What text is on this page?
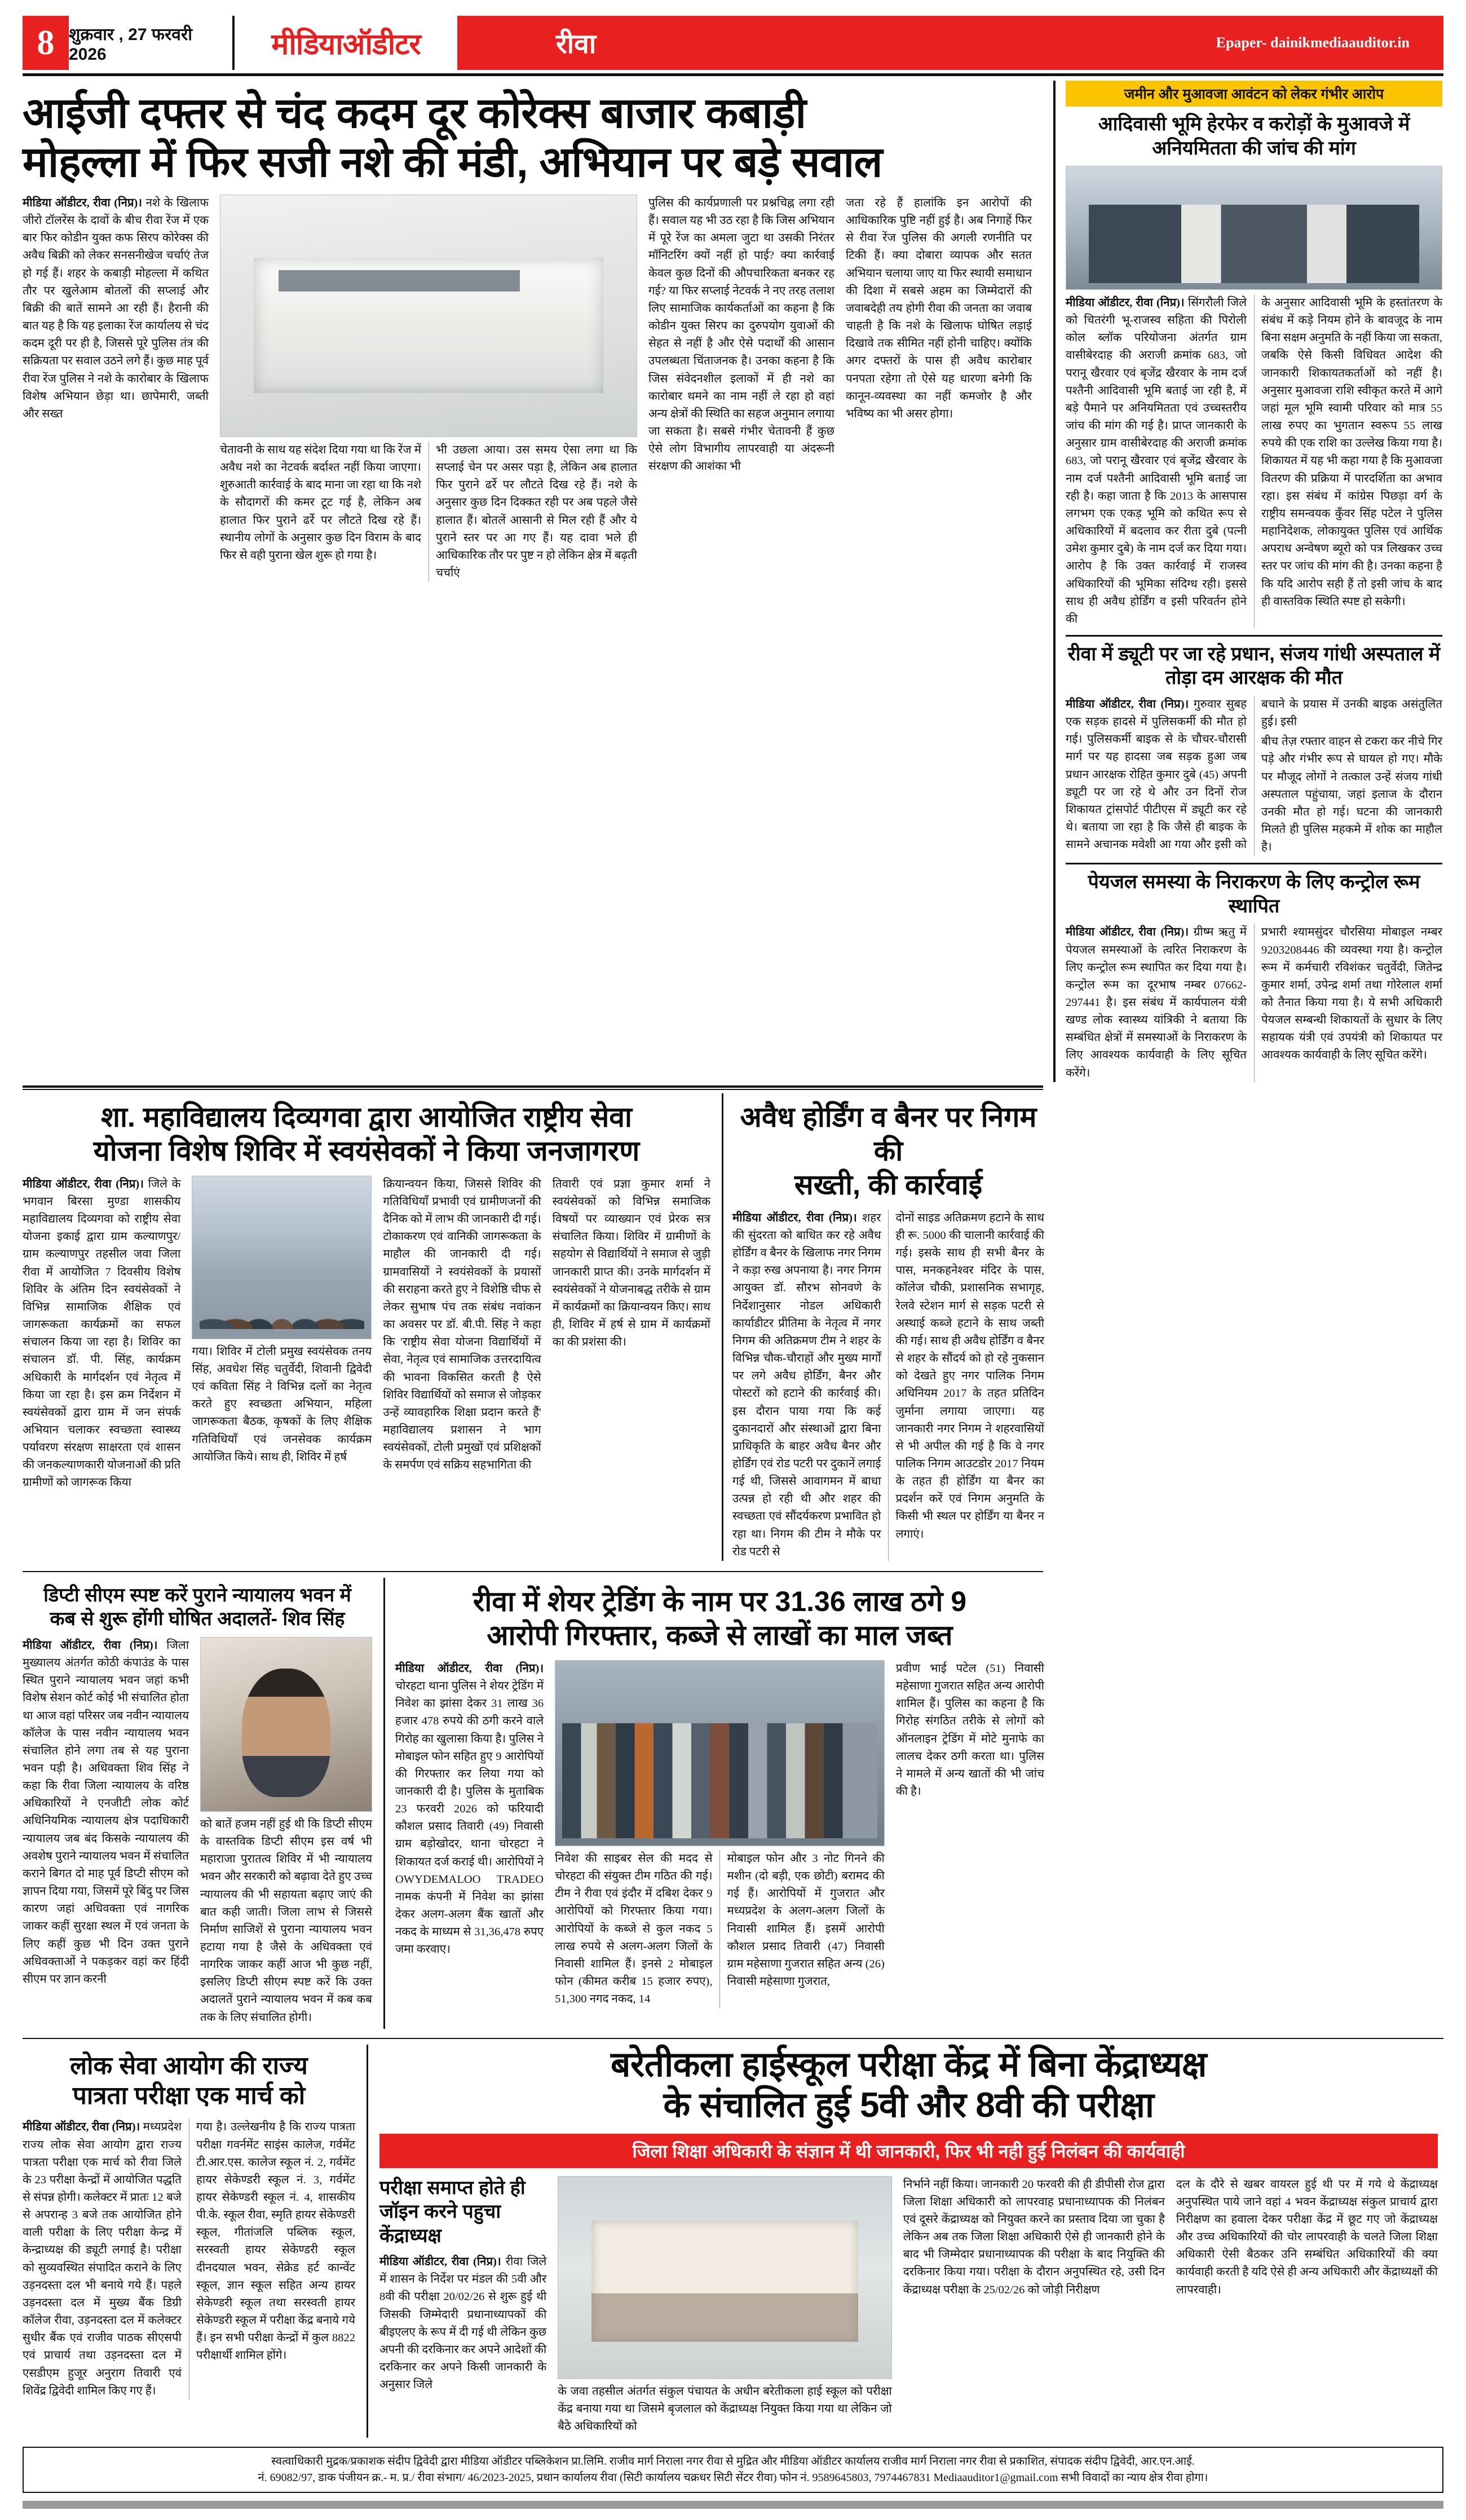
8 शुक्रवार , 27 फरवरी 2026	मीडियाऑडीटर	रीवा	Epaper- dainikmediaauditor.in
आईजी दफ्तर से चंद कदम दूर कोरेक्स बाजार कबाड़ी
मोहल्ला में फिर सजी नशे की मंडी, अभियान पर बड़े सवाल

मीडिया ऑडीटर, रीवा (निप्र)। नशे के खिलाफ जीरो टॉलरेंस के दावों के बीच रीवा रेंज में एक बार फिर कोडीन युक्त कफ सिरप कोरेक्स की अवैध बिक्री को लेकर सनसनीखेज चर्चाएं तेज हो गई हैं। शहर के कबाड़ी मोहल्ला में कथित तौर पर खुलेआम बोतलों की सप्लाई और बिक्री की बातें सामने आ रही हैं। हैरानी की बात यह है कि यह इलाका रेंज कार्यालय से चंद कदम दूरी पर ही है, जिससे पूरे पुलिस तंत्र की सक्रियता पर सवाल उठने लगे हैं। कुछ माह पूर्व रीवा रेंज पुलिस ने नशे के कारोबार के खिलाफ विशेष अभियान छेड़ा था। छापेमारी, जब्ती और सख्त

चेतावनी के साथ यह संदेश दिया गया था कि रेंज में अवैध नशे का नेटवर्क बर्दाश्त नहीं किया जाएगा। शुरुआती कार्रवाई के बाद माना जा रहा था कि नशे के सौदागरों की कमर टूट गई है, लेकिन अब हालात फिर पुराने ढर्रे पर लौटते दिख रहे हैं। स्थानीय लोगों के अनुसार कुछ दिन विराम के बाद फिर से वही पुराना खेल शुरू हो गया है।

भी उछला आया। उस समय ऐसा लगा था कि सप्लाई चेन पर असर पड़ा है, लेकिन अब हालात फिर पुराने ढर्रे पर लौटते दिख रहे हैं। नशे के अनुसार कुछ दिन दिक्कत रही पर अब पहले जैसे हालात हैं। बोतलें आसानी से मिल रही हैं और ये पुराने स्तर पर आ गए हैं। यह दावा भले ही आधिकारिक तौर पर पुष्ट न हो लेकिन क्षेत्र में बढ़ती चर्चाएं

पुलिस की कार्यप्रणाली पर प्रश्नचिह्न लगा रही हैं। सवाल यह भी उठ रहा है कि जिस अभियान में पूरे रेंज का अमला जुटा था उसकी निरंतर मॉनिटरिंग क्यों नहीं हो पाई? क्या कार्रवाई केवल कुछ दिनों की औपचारिकता बनकर रह गई? या फिर सप्लाई नेटवर्क ने नए तरह तलाश लिए सामाजिक कार्यकर्ताओं का कहना है कि कोडीन युक्त सिरप का दुरुपयोग युवाओं की सेहत से नहीं है और ऐसे पदार्थों की आसान उपलब्धता चिंताजनक है। उनका कहना है कि जिस संवेदनशील इलाकों में ही नशे का कारोबार थमने का नाम नहीं ले रहा हो वहां अन्य क्षेत्रों की स्थिति का सहज अनुमान लगाया जा सकता है। सबसे गंभीर चेतावनी हैं कुछ ऐसे लोग विभागीय लापरवाही या अंदरूनी संरक्षण की आशंका भी

जता रहे हैं हालांकि इन आरोपों की आधिकारिक पुष्टि नहीं हुई है। अब निगाहें फिर से रीवा रेंज पुलिस की अगली रणनीति पर टिकी हैं। क्या दोबारा व्यापक और सतत अभियान चलाया जाए या फिर स्थायी समाधान की दिशा में सबसे अहम का जिम्मेदारों की जवाबदेही तय होगी रीवा की जनता का जवाब चाहती है कि नशे के खिलाफ घोषित लड़ाई दिखावे तक सीमित नहीं होनी चाहिए। क्योंकि अगर दफ्तरों के पास ही अवैध कारोबार पनपता रहेगा तो ऐसे यह धारणा बनेगी कि कानून-व्यवस्था का नहीं कमजोर है और भविष्य का भी असर होगा।

जमीन और मुआवजा आवंटन को लेकर गंभीर आरोप
आदिवासी भूमि हेरफेर व करोड़ों के मुआवजे में अनियमितता की जांच की मांग

मीडिया ऑडीटर, रीवा (निप्र)। सिंगरौली जिले को चितरंगी भू-राजस्व सहिता की पिरोली कोल ब्लॉक परियोजना अंतर्गत ग्राम वासीबेरदाह की अराजी क्रमांक 683, जो परानू खैरवार एवं बृजेंद्र खैरवार के नाम दर्ज पश्तैनी आदिवासी भूमि बताई जा रही है, में बड़े पैमाने पर अनियमितता एवं उच्चस्तरीय जांच की मांग की गई है। प्राप्त जानकारी के अनुसार ग्राम वासीबेरदाह की अराजी क्रमांक 683, जो परानू खैरवार एवं बृजेंद्र खैरवार के नाम दर्ज पश्तैनी आदिवासी भूमि बताई जा रही है। कहा जाता है कि 2013 के आसपास लगभग एक एकड़ भूमि को कथित रूप से अधिकारियों में बदलाव कर रीता दुबे (पत्नी उमेश कुमार दुबे) के नाम दर्ज कर दिया गया। आरोप है कि उक्त कार्रवाई में राजस्व अधिकारियों की भूमिका संदिग्ध रही। इससे साथ ही अवैध होर्डिंग व इसी परिवर्तन होने की

के अनुसार आदिवासी भूमि के हस्तांतरण के संबंध में कड़े नियम होने के बावजूद के नाम बिना सक्षम अनुमति के नहीं किया जा सकता, जबकि ऐसे किसी विधिवत आदेश की जानकारी शिकायतकर्ताओं को नहीं है। अनुसार मुआवजा राशि स्वीकृत करते में आगे जहां मूल भूमि स्वामी परिवार को मात्र 55 लाख रुपए का भुगतान स्वरूप 55 लाख रुपये की एक राशि का उल्लेख किया गया है। शिकायत में यह भी कहा गया है कि मुआवजा वितरण की प्रक्रिया में पारदर्शिता का अभाव रहा। इस संबंध में कांग्रेस पिछड़ा वर्ग के राष्ट्रीय समन्वयक कुँवर सिंह पटेल ने पुलिस महानिदेशक, लोकायुक्त पुलिस एवं आर्थिक अपराध अन्वेषण ब्यूरो को पत्र लिखकर उच्च स्तर पर जांच की मांग की है। उनका कहना है कि यदि आरोप सही हैं तो इसी जांच के बाद ही वास्तविक स्थिति स्पष्ट हो सकेगी।

रीवा में ड्यूटी पर जा रहे प्रधान, संजय गांधी अस्पताल में तोड़ा दम आरक्षक की मौत

मीडिया ऑडीटर, रीवा (निप्र)। गुरुवार सुबह एक सड़क हादसे में पुलिसकर्मी की मौत हो गई। पुलिसकर्मी बाइक से के चौचर-चौरासी मार्ग पर यह हादसा जब सड़क हुआ जब प्रधान आरक्षक रोहित कुमार दुबे (45) अपनी ड्यूटी पर जा रहे थे और उन दिनों रोज शिकायत ट्रांसपोर्ट पीटीएस में ड्यूटी कर रहे थे। बताया जा रहा है कि जैसे ही बाइक के सामने अचानक मवेशी आ गया और इसी को बचाने के प्रयास में उनकी बाइक असंतुलित हुई। इसी

बीच तेज़ रफ्तार वाहन से टकरा कर नीचे गिर पड़े और गंभीर रूप से घायल हो गए। मौके पर मौजूद लोगों ने तत्काल उन्हें संजय गांधी अस्पताल पहुंचाया, जहां इलाज के दौरान उनकी मौत हो गई। घटना की जानकारी मिलते ही पुलिस महकमे में शोक का माहौल है।

पेयजल समस्या के निराकरण के लिए कन्ट्रोल रूम स्थापित

मीडिया ऑडीटर, रीवा (निप्र)। ग्रीष्म ऋतु में पेयजल समस्याओं के त्वरित निराकरण के लिए कन्ट्रोल रूम स्थापित कर दिया गया है। कन्ट्रोल रूम का दूरभाष नम्बर 07662-297441 है। इस संबंध में कार्यपालन यंत्री खण्ड लोक स्वास्थ्य यांत्रिकी ने बताया कि सम्बंधित क्षेत्रों में समस्याओं के निराकरण के लिए आवश्यक कार्यवाही के लिए सूचित करेंगे।

प्रभारी श्यामसुंदर चौरसिया मोबाइल नम्बर 9203208446 की व्यवस्था गया है। कन्ट्रोल रूम में कर्मचारी रविशंकर चतुर्वेदी, जितेन्द्र कुमार शर्मा, उपेन्द्र शर्मा तथा गोरेलाल शर्मा को तैनात किया गया है। ये सभी अधिकारी पेयजल सम्बन्धी शिकायतों के सुधार के लिए सहायक यंत्री एवं उपयंत्री को शिकायत पर आवश्यक कार्यवाही के लिए सूचित करेंगे।

शा. महाविद्यालय दिव्यगवा द्वारा आयोजित राष्ट्रीय सेवा
योजना विशेष शिविर में स्वयंसेवकों ने किया जनजागरण

मीडिया ऑडीटर, रीवा (निप्र)। जिले के भगवान बिरसा मुण्डा शासकीय महाविद्यालय दिव्यगवा को राष्ट्रीय सेवा योजना इकाई द्वारा ग्राम कल्याणपुर/ग्राम कल्याणपुर तहसील जवा जिला रीवा में आयोजित 7 दिवसीय विशेष शिविर के अंतिम दिन स्वयंसेवकों ने विभिन्न सामाजिक शैक्षिक एवं जागरूकता कार्यक्रमों का सफल संचालन किया जा रहा है। शिविर का संचालन डॉ. पी. सिंह, कार्यक्रम अधिकारी के मार्गदर्शन एवं नेतृत्व में किया जा रहा है। इस क्रम निर्देशन में स्वयंसेवकों द्वारा ग्राम में जन संपर्क अभियान चलाकर स्वच्छता स्वास्थ्य पर्यावरण संरक्षण साक्षरता एवं शासन की जनकल्याणकारी योजनाओं की प्रति ग्रामीणों को जागरूक किया

गया। शिविर में टोली प्रमुख स्वयंसेवक तनय सिंह, अवधेश सिंह चतुर्वेदी, शिवानी द्विवेदी एवं कविता सिंह ने विभिन्न दलों का नेतृत्व करते हुए स्वच्छता अभियान, महिला जागरूकता बैठक, कृषकों के लिए शैक्षिक गतिविधियाँ एवं जनसेवक कार्यक्रम आयोजित किये। साथ ही, शिविर में हर्ष

क्रियान्वयन किया, जिससे शिविर की गतिविधियाँ प्रभावी एवं ग्रामीणजनों की दैनिक को में लाभ की जानकारी दी गई। टोकाकरण एवं वानिकी जागरूकता के माहौल की जानकारी दी गई। ग्रामवासियों ने स्वयंसेवकों के प्रयासों की सराहना करते हुए ने विशेष्ठि चीफ से लेकर सुभाष पंच तक संबंध नवांकन का अवसर पर डॉ. बी.पी. सिंह ने कहा कि 'राष्ट्रीय सेवा योजना विद्यार्थियों में सेवा, नेतृत्व एवं सामाजिक उत्तरदायित्व की भावना विकसित करती है ऐसे शिविर विद्यार्थियों को समाज से जोड़कर उन्हें व्यावहारिक शिक्षा प्रदान करते हैं' महाविद्यालय प्रशासन ने भाग स्वयंसेवकों, टोली प्रमुखों एवं प्रशिक्षकों के समर्पण एवं सक्रिय सहभागिता की

तिवारी एवं प्रज्ञा कुमार शर्मा ने स्वयंसेवकों को विभिन्न समाजिक विषयों पर व्याख्यान एवं प्रेरक सत्र संचालित किया। शिविर में ग्रामीणों के सहयोग से विद्यार्थियों ने समाज से जुड़ी जानकारी प्राप्त की। उनके मार्गदर्शन में स्वयंसेवकों ने योजनाबद्ध तरीके से ग्राम में कार्यक्रमों का क्रियान्वयन किए। साथ ही, शिविर में हर्ष से ग्राम में कार्यक्रमों का की प्रशंसा की।

अवैध होर्डिंग व बैनर पर निगम की
सख्ती, की कार्रवाई

मीडिया ऑडीटर, रीवा (निप्र)। शहर की सुंदरता को बाधित कर रहे अवैध होर्डिंग व बैनर के खिलाफ नगर निगम ने कड़ा रुख अपनाया है। नगर निगम आयुक्त डॉ. सौरभ सोनवणे के निर्देशानुसार नोडल अधिकारी कार्याडीटर प्रीतिमा के नेतृत्व में नगर निगम की अतिक्रमण टीम ने शहर के विभिन्न चौक-चौराहों और मुख्य मार्गों पर लगे अवैध होर्डिंग, बैनर और पोस्टरों को हटाने की कार्रवाई की। इस दौरान पाया गया कि कई दुकानदारों और संस्थाओं द्वारा बिना प्राधिकृति के बाहर अवैध बैनर और होर्डिंग एवं रोड पटरी पर दुकानें लगाई गई थी, जिससे आवागमन में बाधा उत्पन्न हो रही थी और शहर की स्वच्छता एवं सौंदर्यकरण प्रभावित हो रहा था। निगम की टीम ने मौके पर रोड पटरी से

दोनों साइड अतिक्रमण हटाने के साथ ही रू. 5000 की चालानी कार्रवाई की गई। इसके साथ ही सभी बैनर के पास, मनकहनेश्वर मंदिर के पास, कॉलेज चौकी, प्रशासनिक सभागृह, रेलवे स्टेशन मार्ग से सड़क पटरी से अस्थाई कब्जे हटाने के साथ जब्ती की गई। साथ ही अवैध होर्डिंग व बैनर से शहर के सौंदर्य को हो रहे नुकसान को देखते हुए नगर पालिक निगम अधिनियम 2017 के तहत प्रतिदिन जुर्माना लगाया जाएगा। यह जानकारी नगर निगम ने शहरवासियों से भी अपील की गई है कि वे नगर पालिक निगम आउटडोर 2017 नियम के तहत ही होर्डिंग या बैनर का प्रदर्शन करें एवं निगम अनुमति के किसी भी स्थल पर होर्डिंग या बैनर न लगाएं।

डिप्टी सीएम स्पष्ट करें पुराने न्यायालय भवन में
कब से शुरू होंगी घोषित अदालतें- शिव सिंह

मीडिया ऑडीटर, रीवा (निप्र)। जिला मुख्यालय अंतर्गत कोठी कंपाउंड के पास स्थित पुराने न्यायालय भवन जहां कभी विशेष सेशन कोर्ट कोई भी संचालित होता था आज वहां परिसर जब नवीन न्यायालय कॉलेज के पास नवीन न्यायालय भवन संचालित होने लगा तब से यह पुराना भवन पड़ी है। अधिवक्ता शिव सिंह ने कहा कि रीवा जिला न्यायालय के वरिष्ठ अधिकारियों ने एनजीटी लोक कोर्ट अधिनियमिक न्यायालय क्षेत्र पदाधिकारी न्यायालय जब बंद किसके न्यायालय की अवशेष पुराने न्यायालय भवन में संचालित कराने बिगत दो माह पूर्व डिप्टी सीएम को ज्ञापन दिया गया, जिसमें पूरे बिंदु पर जिस कारण जहां अधिवक्ता एवं नागरिक जाकर कहीं सुरक्षा स्थल में एवं जनता के लिए कहीं कुछ भी दिन उक्त पुराने अधिवक्ताओं ने पकड़कर वहां कर हिंदी सीएम पर ज्ञान करनी

को बातें हजम नहीं हुई थी कि डिप्टी सीएम के वास्तविक डिप्टी सीएम इस वर्ष भी महाराजा पुरातत्व शिविर में भी न्यायालय भवन और सरकारी को बढ़ावा देते हुए उच्च न्यायालय की भी सहायता बढ़ाए जाएं की बात कही जाती। जिला लाभ से जिससे निर्माण साजिशें से पुराना न्यायालय भवन हटाया गया है जैसे के अधिवक्ता एवं नागरिक जाकर कहीं आज भी कुछ नहीं, इसलिए डिप्टी सीएम स्पष्ट करें कि उक्त अदालतें पुराने न्यायालय भवन में कब कब तक के लिए संचालित होगी।

रीवा में शेयर ट्रेडिंग के नाम पर 31.36 लाख ठगे 9
आरोपी गिरफ्तार, कब्जे से लाखों का माल जब्त

मीडिया ऑडीटर, रीवा (निप्र)। चोरहटा थाना पुलिस ने शेयर ट्रेडिंग में निवेश का झांसा देकर 31 लाख 36 हजार 478 रुपये की ठगी करने वाले गिरोह का खुलासा किया है। पुलिस ने मोबाइल फोन सहित हुए 9 आरोपियों की गिरफ्तार कर लिया गया को जानकारी दी है। पुलिस के मुताबिक 23 फरवरी 2026 को फरियादी कौशल प्रसाद तिवारी (49) निवासी ग्राम बड़ोखोदर, थाना चोरहटा ने शिकायत दर्ज कराई थी। आरोपियों ने OWYDEMALOO TRADEO नामक कंपनी में निवेश का झांसा देकर अलग-अलग बैंक खातों और नकद के माध्यम से 31,36,478 रुपए जमा करवाए।

निवेश की साइबर सेल की मदद से चोरहटा की संयुक्त टीम गठित की गई। टीम ने रीवा एवं इंदौर में दबिश देकर 9 आरोपियों को गिरफ्तार किया गया। आरोपियों के कब्जे से कुल नकद 5 लाख रुपये से अलग-अलग जिलों के निवासी शामिल हैं। इनसे 2 मोबाइल फोन (कीमत करीब 15 हजार रुपए), 51,300 नगद नकद, 14

मोबाइल फोन और 3 नोट गिनने की मशीन (दो बड़ी, एक छोटी) बरामद की गई हैं। आरोपियों में गुजरात और मध्यप्रदेश के अलग-अलग जिलों के निवासी शामिल हैं। इसमें आरोपी कौशल प्रसाद तिवारी (47) निवासी ग्राम महेसाणा गुजरात सहित अन्य (26) निवासी महेसाणा गुजरात,

प्रवीण भाई पटेल (51) निवासी महेसाणा गुजरात सहित अन्य आरोपी शामिल हैं। पुलिस का कहना है कि गिरोह संगठित तरीके से लोगों को ऑनलाइन ट्रेडिंग में मोटे मुनाफे का लालच देकर ठगी करता था। पुलिस ने मामले में अन्य खातों की भी जांच की है।

लोक सेवा आयोग की राज्य
पात्रता परीक्षा एक मार्च को

मीडिया ऑडीटर, रीवा (निप्र)। मध्यप्रदेश राज्य लोक सेवा आयोग द्वारा राज्य पात्रता परीक्षा एक मार्च को रीवा जिले के 23 परीक्षा केन्द्रों में आयोजित पद्धति से संपन्न होगी। कलेक्टर में प्रातः 12 बजे से अपरान्ह 3 बजे तक आयोजित होने वाली परीक्षा के लिए परीक्षा केन्द्र में केन्द्राध्यक्ष की ड्यूटी लगाई है। परीक्षा को सुव्यवस्थित संपादित कराने के लिए उड़नदस्ता दल भी बनाये गये हैं। पहले उड़नदस्ता दल में मुख्य बैंक डिग्री कॉलेज रीवा, उड़नदस्ता दल में कलेक्टर सुधीर बैंक एवं राजीव पाठक सीएसपी एवं प्राचार्य तथा उड़नदस्ता दल में एसडीएम हुजूर अनुराग तिवारी एवं शिवेंद्र द्विवेदी शामिल किए गए हैं।

गया है। उल्लेखनीय है कि राज्य पात्रता परीक्षा गवर्नमेंट साइंस कालेज, गर्वमेंट टी.आर.एस. कालेज स्कूल नं. 2, गर्वमेंट हायर सेकेण्डरी स्कूल नं. 3, गर्वमेंट हायर सेकेण्डरी स्कूल नं. 4, शासकीय पी.के. स्कूल रीवा, स्मृति हायर सेकेण्डरी स्कूल, गीतांजलि पब्लिक स्कूल, सरस्वती हायर सेकेण्डरी स्कूल दीनदयाल भवन, सेक्रेड हर्ट कान्वेंट स्कूल, ज्ञान स्कूल सहित अन्य हायर सेकेण्डरी स्कूल तथा सरस्वती हायर सेकेण्डरी स्कूल में परीक्षा केंद्र बनाये गये हैं। इन सभी परीक्षा केन्द्रों में कुल 8822 परीक्षार्थी शामिल होंगे।

बरेतीकला हाईस्कूल परीक्षा केंद्र में बिना केंद्राध्यक्ष
के संचालित हुई 5वी और 8वी की परीक्षा
जिला शिक्षा अधिकारी के संज्ञान में थी जानकारी, फिर भी नही हुई निलंबन की कार्यवाही
परीक्षा समाप्त होते ही जॉइन करने पहुचा केंद्राध्यक्ष

मीडिया ऑडीटर, रीवा (निप्र)। रीवा जिले में शासन के निर्देश पर मंडल की 5वी और 8वी की परीक्षा 20/02/26 से शुरू हुई थी जिसकी जिम्मेदारी प्रधानाध्यापकों की बीइएलए के रूप में दी गई थी लेकिन कुछ अपनी की दरकिनार कर अपने आदेशों की दरकिनार कर अपने किसी जानकारी के अनुसार जिले

के जवा तहसील अंतर्गत संकुल पंचायत के अधीन बरेतीकला हाई स्कूल को परीक्षा केंद्र बनाया गया था जिसमे बृजलाल को केंद्राध्यक्ष नियुक्त किया गया था लेकिन जो बैठे अधिकारियों को

निर्भाने नहीं किया। जानकारी 20 फरवरी की ही डीपीसी रोज द्वारा जिला शिक्षा अधिकारी को लापरवाह प्रधानाध्यापक की निलंबन एवं दूसरे केंद्राध्यक्ष को नियुक्त करने का प्रस्ताव दिया जा चुका है लेकिन अब तक जिला शिक्षा अधिकारी ऐसे ही जानकारी होने के बाद भी जिम्मेदार प्रधानाध्यापक की परीक्षा के बाद नियुक्ति की दरकिनार किया गया। परीक्षा के दौरान अनुपस्थित रहे, उसी दिन केंद्राध्यक्ष परीक्षा के 25/02/26 को जोड़ी निरीक्षण

दल के दौरे से खबर वायरल हुई थी पर में गये थे केंद्राध्यक्ष अनुपस्थित पाये जाने वहां 4 भवन केंद्राध्यक्ष संकुल प्राचार्य द्वारा निरीक्षण का हवाला देकर परीक्षा केंद्र में छूट गए जो केंद्राध्यक्ष और उच्च अधिकारियों की चोर लापरवाही के चलते जिला शिक्षा अधिकारी ऐसी बैठकर उनि सम्बंधित अधिकारियों की क्या कार्यवाही करती है यदि ऐसे ही अन्य अधिकारी और केंद्राध्यक्षों की लापरवाही।

स्वत्वाधिकारी मुद्रक/प्रकाशक संदीप द्विवेदी द्वारा मीडिया ऑडीटर पब्लिकेशन प्रा.लिमि. राजीव मार्ग निराला नगर रीवा से मुद्रित और मीडिया ऑडीटर कार्यालय राजीव मार्ग निराला नगर रीवा से प्रकाशित, संपादक संदीप द्विवेदी, आर.एन.आई.
नं. 69082/97, डाक पंजीयन क्र.- म. प्र./ रीवा संभाग/ 46/2023-2025, प्रधान कार्यालय रीवा (सिटी कार्यालय चक्रधर सिटी सेंटर रीवा) फोन नं. 9589645803, 7974467831 Mediaauditor1@gmail.com सभी विवादों का न्याय क्षेत्र रीवा होगा।
